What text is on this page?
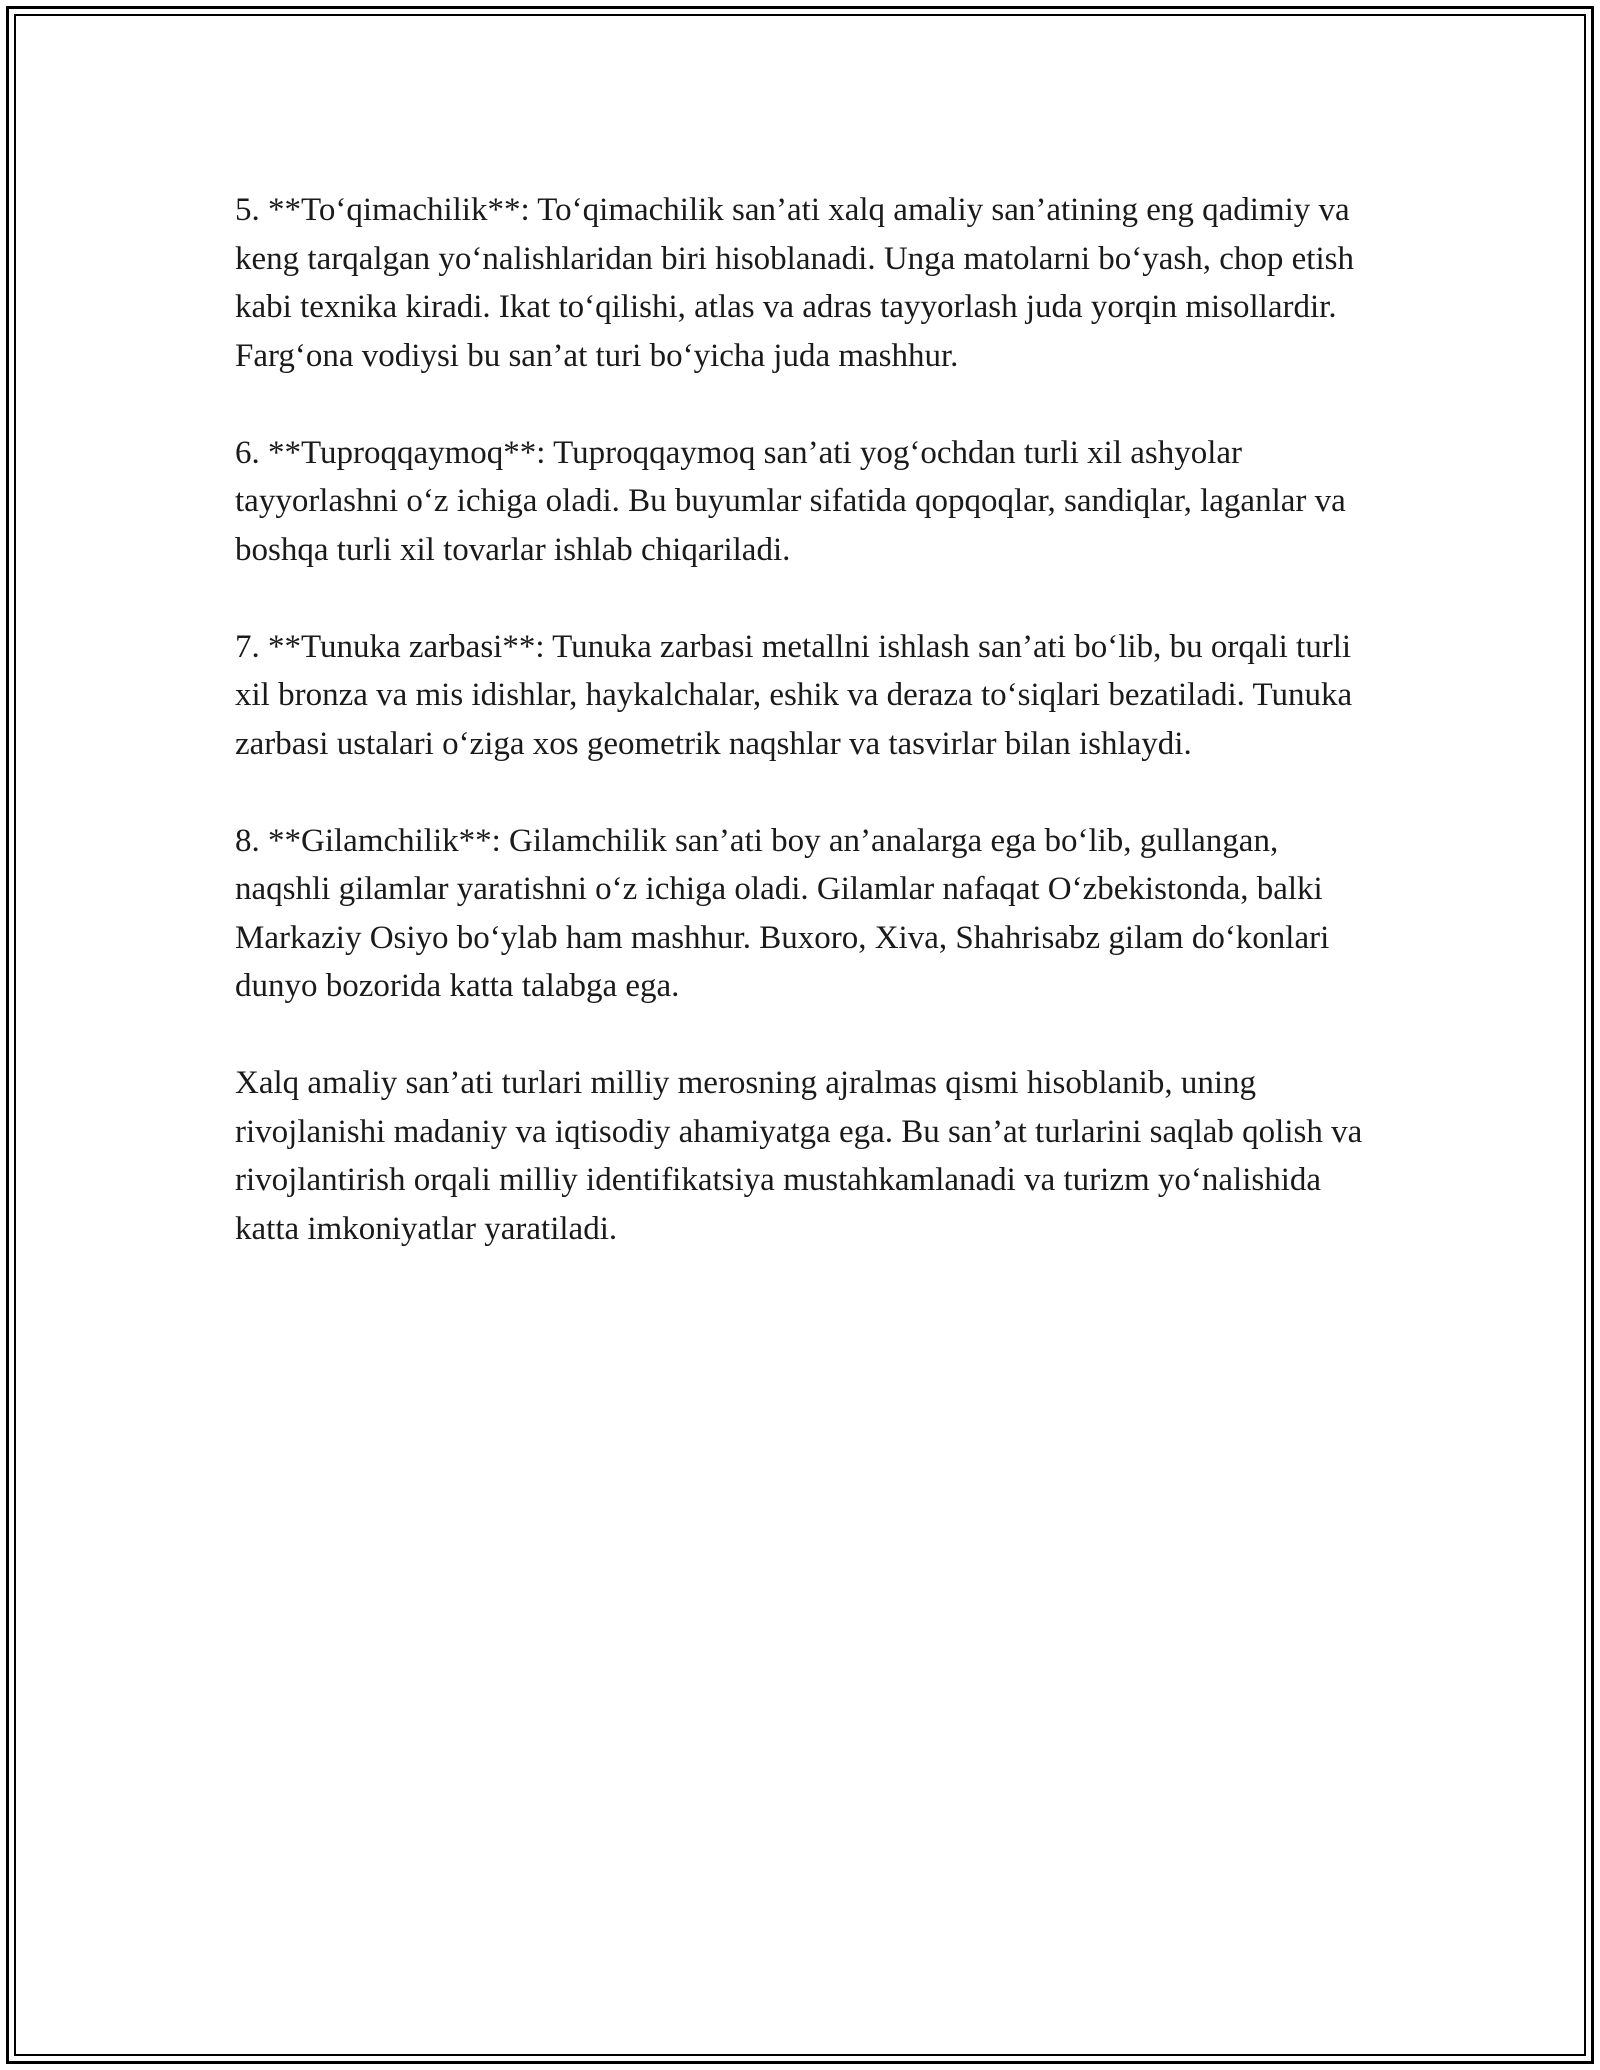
5. **To‘qimachilik**: To‘qimachilik san’ati xalq amaliy san’atining eng qadimiy va keng tarqalgan yo‘nalishlaridan biri hisoblanadi. Unga matolarni bo‘yash, chop etish kabi texnika kiradi. Ikat to‘qilishi, atlas va adras tayyorlash juda yorqin misollardir. Farg‘ona vodiysi bu san’at turi bo‘yicha juda mashhur.

6. **Tuproqqaymoq**: Tuproqqaymoq san’ati yog‘ochdan turli xil ashyolar tayyorlashni o‘z ichiga oladi. Bu buyumlar sifatida qopqoqlar, sandiqlar, laganlar va boshqa turli xil tovarlar ishlab chiqariladi.

7. **Tunuka zarbasi**: Tunuka zarbasi metallni ishlash san’ati bo‘lib, bu orqali turli xil bronza va mis idishlar, haykalchalar, eshik va deraza to‘siqlari bezatiladi. Tunuka zarbasi ustalari o‘ziga xos geometrik naqshlar va tasvirlar bilan ishlaydi.

8. **Gilamchilik**: Gilamchilik san’ati boy an’analarga ega bo‘lib, gullangan, naqshli gilamlar yaratishni o‘z ichiga oladi. Gilamlar nafaqat O‘zbekistonda, balki Markaziy Osiyo bo‘ylab ham mashhur. Buxoro, Xiva, Shahrisabz gilam do‘konlari dunyo bozorida katta talabga ega.

Xalq amaliy san’ati turlari milliy merosning ajralmas qismi hisoblanib, uning rivojlanishi madaniy va iqtisodiy ahamiyatga ega. Bu san’at turlarini saqlab qolish va rivojlantirish orqali milliy identifikatsiya mustahkamlanadi va turizm yo‘nalishida katta imkoniyatlar yaratiladi.
